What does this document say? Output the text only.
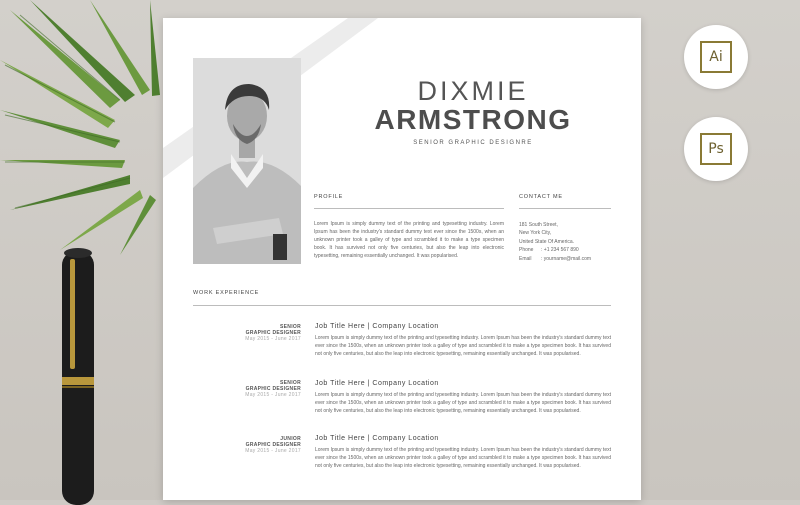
Ai
Ps
DIXMIE
ARMSTRONG
SENIOR GRAPHIC DESIGNRE
PROFILE
Lorem Ipsum is simply dummy text of the printing and typesetting industry. Lorem Ipsum has been the industry's standard dummy text ever since the 1500s, when an unknown printer took a galley of type and scrambled it to make a type specimen book. It has survived not only five centuries, but also the leap into electronic typesetting, remaining essentially unchanged. It was popularised.
CONTACT ME
181 South Street,
New York City,
United State Of America.
Phone : +1 234 567 890
Email : yourname@mail.com
WORK EXPERIENCE
SENIOR
GRAPHIC DESIGNER
May 2015 - June 2017
Job Title Here | Company Location
Lorem Ipsum is simply dummy text of the printing and typesetting industry. Lorem Ipsum has been the industry's standard dummy text ever since the 1500s, when an unknown printer took a galley of type and scrambled it to make a type specimen book. It has survived not only five centuries, but also the leap into electronic typesetting, remaining essentially unchanged. It was popularised.
SENIOR
GRAPHIC DESIGNER
May 2015 - June 2017
Job Title Here | Company Location
Lorem Ipsum is simply dummy text of the printing and typesetting industry. Lorem Ipsum has been the industry's standard dummy text ever since the 1500s, when an unknown printer took a galley of type and scrambled it to make a type specimen book. It has survived not only five centuries, but also the leap into electronic typesetting, remaining essentially unchanged. It was popularised.
JUNIOR
GRAPHIC DESIGNER
May 2015 - June 2017
Job Title Here | Company Location
Lorem Ipsum is simply dummy text of the printing and typesetting industry. Lorem Ipsum has been the industry's standard dummy text ever since the 1500s, when an unknown printer took a galley of type and scrambled it to make a type specimen book. It has survived not only five centuries, but also the leap into electronic typesetting, remaining essentially unchanged. It was popularised.
